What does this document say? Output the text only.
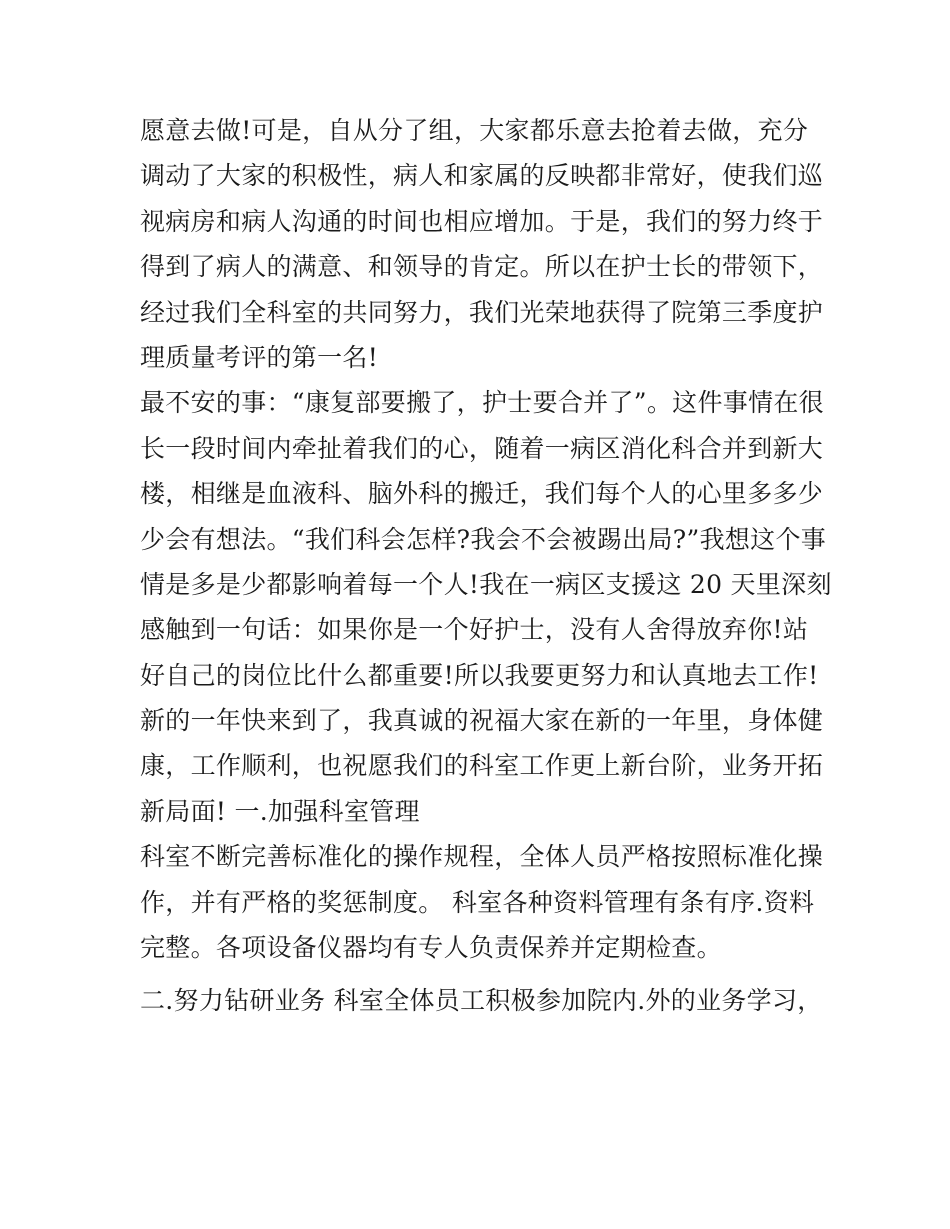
愿意去做!可是，自从分了组，大家都乐意去抢着去做，充分
调动了大家的积极性，病人和家属的反映都非常好，使我们巡
视病房和病人沟通的时间也相应增加。于是，我们的努力终于
得到了病人的满意、和领导的肯定。所以在护士长的带领下，
经过我们全科室的共同努力，我们光荣地获得了院第三季度护
理质量考评的第一名!
最不安的事：“康复部要搬了，护士要合并了”。这件事情在很
长一段时间内牵扯着我们的心，随着一病区消化科合并到新大
楼，相继是血液科、脑外科的搬迁，我们每个人的心里多多少
少会有想法。“我们科会怎样?我会不会被踢出局?”我想这个事
情是多是少都影响着每一个人!我在一病区支援这 20 天里深刻
感触到一句话：如果你是一个好护士，没有人舍得放弃你!站
好自己的岗位比什么都重要!所以我要更努力和认真地去工作!
新的一年快来到了，我真诚的祝福大家在新的一年里，身体健
康，工作顺利，也祝愿我们的科室工作更上新台阶，业务开拓
新局面! 一.加强科室管理
科室不断完善标准化的操作规程，全体人员严格按照标准化操
作，并有严格的奖惩制度。 科室各种资料管理有条有序.资料
完整。各项设备仪器均有专人负责保养并定期检查。
二.努力钻研业务 科室全体员工积极参加院内.外的业务学习，
